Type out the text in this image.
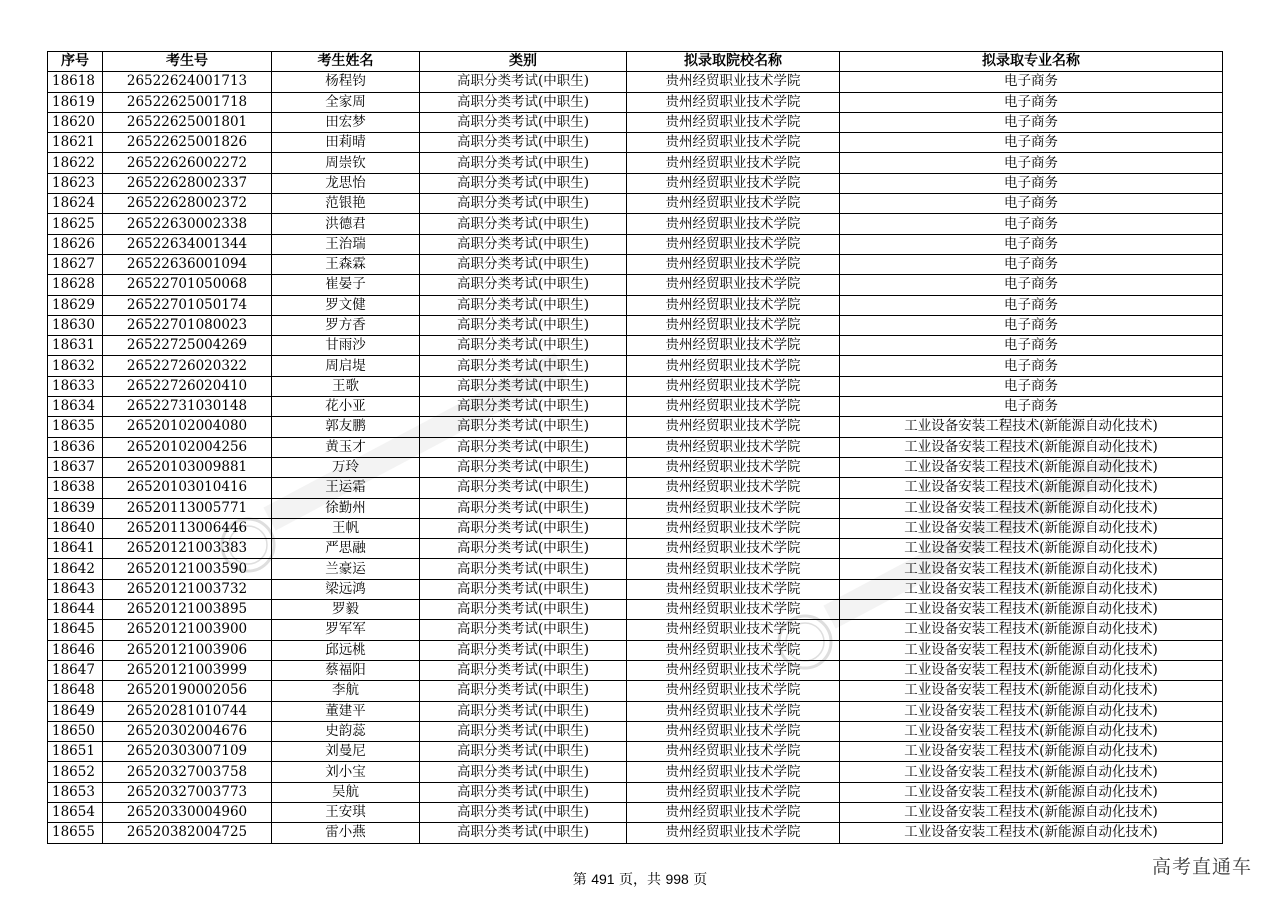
序号	考生号	考生姓名	类别	拟录取院校名称	拟录取专业名称
18618	26522624001713	杨程钧	高职分类考试(中职生)	贵州经贸职业技术学院	电子商务
18619	26522625001718	全家周	高职分类考试(中职生)	贵州经贸职业技术学院	电子商务
18620	26522625001801	田宏梦	高职分类考试(中职生)	贵州经贸职业技术学院	电子商务
18621	26522625001826	田莉晴	高职分类考试(中职生)	贵州经贸职业技术学院	电子商务
18622	26522626002272	周崇钦	高职分类考试(中职生)	贵州经贸职业技术学院	电子商务
18623	26522628002337	龙思怡	高职分类考试(中职生)	贵州经贸职业技术学院	电子商务
18624	26522628002372	范银艳	高职分类考试(中职生)	贵州经贸职业技术学院	电子商务
18625	26522630002338	洪德君	高职分类考试(中职生)	贵州经贸职业技术学院	电子商务
18626	26522634001344	王治瑞	高职分类考试(中职生)	贵州经贸职业技术学院	电子商务
18627	26522636001094	王森霖	高职分类考试(中职生)	贵州经贸职业技术学院	电子商务
18628	26522701050068	崔晏子	高职分类考试(中职生)	贵州经贸职业技术学院	电子商务
18629	26522701050174	罗文健	高职分类考试(中职生)	贵州经贸职业技术学院	电子商务
18630	26522701080023	罗方香	高职分类考试(中职生)	贵州经贸职业技术学院	电子商务
18631	26522725004269	甘雨沙	高职分类考试(中职生)	贵州经贸职业技术学院	电子商务
18632	26522726020322	周启堤	高职分类考试(中职生)	贵州经贸职业技术学院	电子商务
18633	26522726020410	王歌	高职分类考试(中职生)	贵州经贸职业技术学院	电子商务
18634	26522731030148	花小亚	高职分类考试(中职生)	贵州经贸职业技术学院	电子商务
18635	26520102004080	郭友鹏	高职分类考试(中职生)	贵州经贸职业技术学院	工业设备安装工程技术(新能源自动化技术)
18636	26520102004256	黄玉才	高职分类考试(中职生)	贵州经贸职业技术学院	工业设备安装工程技术(新能源自动化技术)
18637	26520103009881	万玲	高职分类考试(中职生)	贵州经贸职业技术学院	工业设备安装工程技术(新能源自动化技术)
18638	26520103010416	王运霜	高职分类考试(中职生)	贵州经贸职业技术学院	工业设备安装工程技术(新能源自动化技术)
18639	26520113005771	徐勤州	高职分类考试(中职生)	贵州经贸职业技术学院	工业设备安装工程技术(新能源自动化技术)
18640	26520113006446	王帆	高职分类考试(中职生)	贵州经贸职业技术学院	工业设备安装工程技术(新能源自动化技术)
18641	26520121003383	严思融	高职分类考试(中职生)	贵州经贸职业技术学院	工业设备安装工程技术(新能源自动化技术)
18642	26520121003590	兰豪运	高职分类考试(中职生)	贵州经贸职业技术学院	工业设备安装工程技术(新能源自动化技术)
18643	26520121003732	梁远鸿	高职分类考试(中职生)	贵州经贸职业技术学院	工业设备安装工程技术(新能源自动化技术)
18644	26520121003895	罗毅	高职分类考试(中职生)	贵州经贸职业技术学院	工业设备安装工程技术(新能源自动化技术)
18645	26520121003900	罗军军	高职分类考试(中职生)	贵州经贸职业技术学院	工业设备安装工程技术(新能源自动化技术)
18646	26520121003906	邱远桃	高职分类考试(中职生)	贵州经贸职业技术学院	工业设备安装工程技术(新能源自动化技术)
18647	26520121003999	蔡福阳	高职分类考试(中职生)	贵州经贸职业技术学院	工业设备安装工程技术(新能源自动化技术)
18648	26520190002056	李航	高职分类考试(中职生)	贵州经贸职业技术学院	工业设备安装工程技术(新能源自动化技术)
18649	26520281010744	董建平	高职分类考试(中职生)	贵州经贸职业技术学院	工业设备安装工程技术(新能源自动化技术)
18650	26520302004676	史韵蕊	高职分类考试(中职生)	贵州经贸职业技术学院	工业设备安装工程技术(新能源自动化技术)
18651	26520303007109	刘曼尼	高职分类考试(中职生)	贵州经贸职业技术学院	工业设备安装工程技术(新能源自动化技术)
18652	26520327003758	刘小宝	高职分类考试(中职生)	贵州经贸职业技术学院	工业设备安装工程技术(新能源自动化技术)
18653	26520327003773	吴航	高职分类考试(中职生)	贵州经贸职业技术学院	工业设备安装工程技术(新能源自动化技术)
18654	26520330004960	王安琪	高职分类考试(中职生)	贵州经贸职业技术学院	工业设备安装工程技术(新能源自动化技术)
18655	26520382004725	雷小燕	高职分类考试(中职生)	贵州经贸职业技术学院	工业设备安装工程技术(新能源自动化技术)
第 491 页，共 998 页
高考直通车
